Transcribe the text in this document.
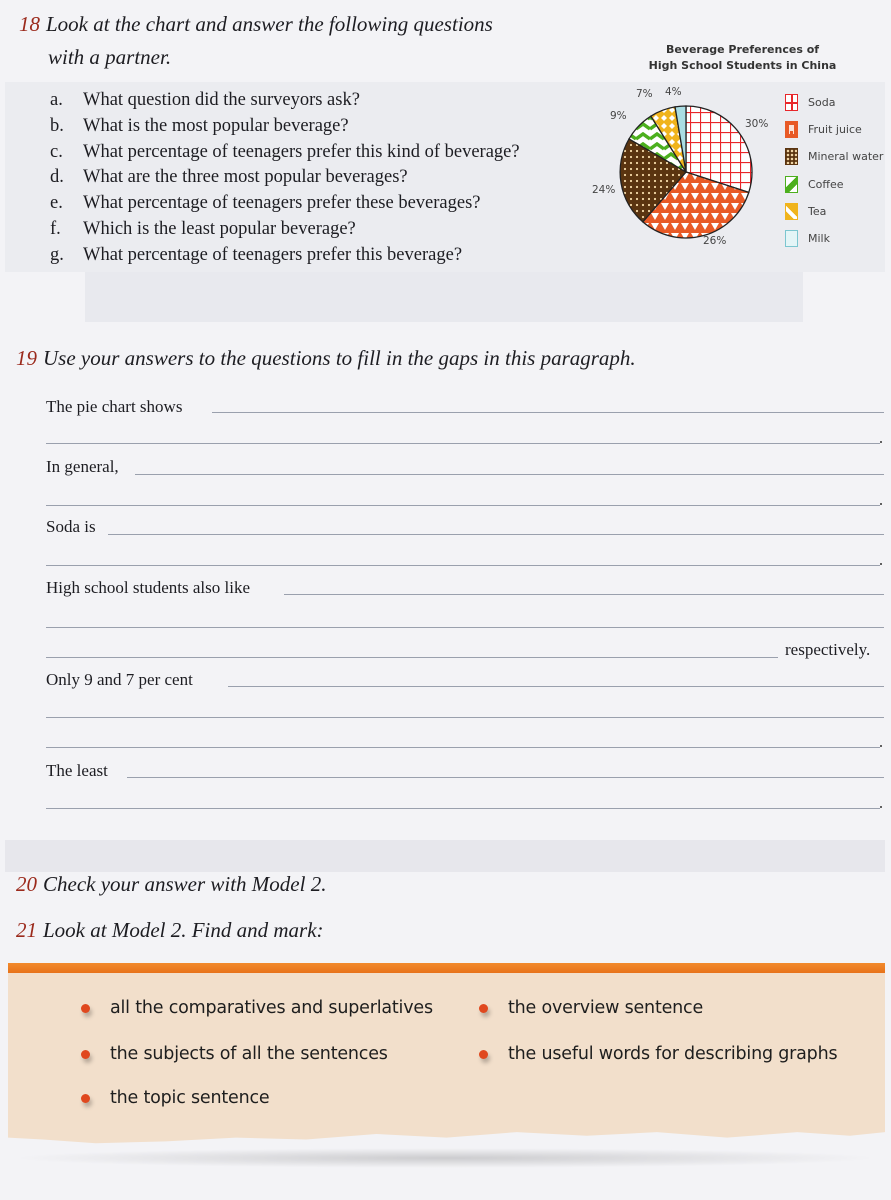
18 Look at the chart and answer the following questions
with a partner.
a. What question did the surveyors ask?
b. What is the most popular beverage?
c. What percentage of teenagers prefer this kind of beverage?
d. What are the three most popular beverages?
e. What percentage of teenagers prefer these beverages?
f. Which is the least popular beverage?
g. What percentage of teenagers prefer this beverage?
Beverage Preferences of
High School Students in China
30%
26%
24%
9%
7% 4%
Soda
Fruit juice
Mineral water
Coffee
Tea
Milk
19 Use your answers to the questions to fill in the gaps in this paragraph.
The pie chart shows
In general,
Soda is
High school students also like
respectively.
Only 9 and 7 per cent
The least
20 Check your answer with Model 2.
21 Look at Model 2. Find and mark:
all the comparatives and superlatives	the overview sentence
the subjects of all the sentences	the useful words for describing graphs
the topic sentence
